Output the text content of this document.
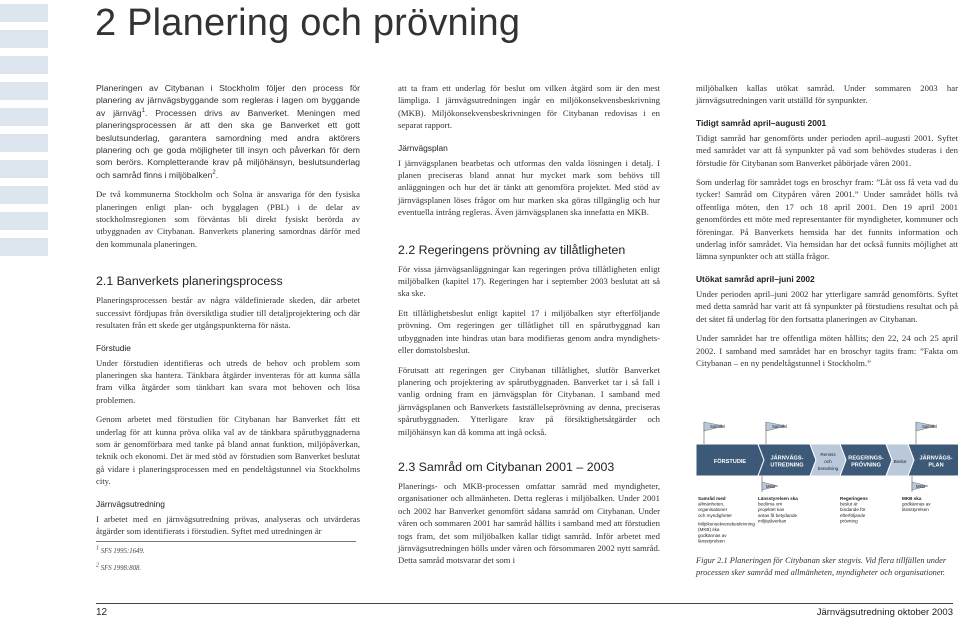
2 Planering och prövning

Planeringen av Citybanan i Stockholm följer den process för planering av järnvägsbyggande som regleras i lagen om byggande av järnväg$^1$. Processen drivs av Banverket. Meningen med planeringsprocessen är att den ska ge Banverket ett gott beslutsunderlag, garantera samordning med andra aktörers planering och ge goda möjligheter till insyn och påverkan för dem som berörs. Kompletterande krav på miljöhänsyn, beslutsunderlag och samråd finns i miljöbalken$^2$.

De två kommunerna Stockholm och Solna är ansvariga för den fysiska planeringen enligt plan- och bygglagen (PBL) i de delar av stockholmsregionen som förväntas bli direkt fysiskt berörda av utbyggnaden av Citybanan. Banverkets planering samordnas därför med den kommunala planeringen.

2.1 Banverkets planeringsprocess

Planeringsprocessen består av några väldefinierade skeden, där arbetet successivt fördjupas från översiktliga studier till detaljprojektering och där resultaten från ett skede ger utgångspunkterna för nästa.

Förstudie

Under förstudien identifieras och utreds de behov och problem som planeringen ska hantera. Tänkbara åtgärder inventeras för att kunna sålla fram vilka åtgärder som tänkbart kan svara mot behoven och lösa problemen.

Genom arbetet med förstudien för Citybanan har Banverket fått ett underlag för att kunna pröva olika val av de tänkbara spårutbyggnaderna som är genomförbara med tanke på bland annat funktion, miljöpåverkan, teknik och ekonomi. Det är med stöd av förstudien som Banverket beslutat gå vidare i planeringsprocessen med en pendeltågstunnel via Stockholms city.

Järnvägsutredning

I arbetet med en järnvägsutredning prövas, analyseras och utvärderas åtgärder som identifierats i förstudien. Syftet med utredningen är

$^1$ SFS 1995:1649.
$^2$ SFS 1998:808.

att ta fram ett underlag för beslut om vilken åtgärd som är den mest lämpliga. I järnvägsutredningen ingår en miljökonsekvensbeskrivning (MKB). Miljökonsekvensbeskrivningen för Citybanan redovisas i en separat rapport.

Järnvägsplan

I järnvägsplanen bearbetas och utformas den valda lösningen i detalj. I planen preciseras bland annat hur mycket mark som behövs till anläggningen och hur det är tänkt att genomföra projektet. Med stöd av järnvägsplanen löses frågor om hur marken ska göras tillgänglig och hur eventuella intrång regleras. Även järnvägsplanen ska innefatta en MKB.

2.2 Regeringens prövning av tillåtligheten

För vissa järnvägsanläggningar kan regeringen pröva tillåtligheten enligt miljöbalken (kapitel 17). Regeringen har i september 2003 beslutat att så ska ske.

Ett tillåtlighetsbeslut enligt kapitel 17 i miljöbalken styr efterföljande prövning. Om regeringen ger tillåtlighet till en spårutbyggnad kan utbyggnaden inte hindras utan bara modifieras genom andra myndighets- eller domstolsbeslut.

Förutsatt att regeringen ger Citybanan tillåtlighet, slutför Banverket planering och projektering av spårutbyggnaden. Banverket tar i så fall i vanlig ordning fram en järnvägsplan för Citybanan. I samband med järnvägsplanen och Banverkets fastställelseprövning av denna, preciseras spårutbyggnaden. Ytterligare krav på försiktighetsåtgärder och miljöhänsyn kan då komma att ingå också.

2.3 Samråd om Citybanan 2001 – 2003

Planerings- och MKB-processen omfattar samråd med myndigheter, organisationer och allmänheten. Detta regleras i miljöbalken. Under 2001 och 2002 har Banverket genomfört sådana samråd om Citybanan. Under våren och sommaren 2001 har samråd hållits i samband med att förstudien togs fram, det som miljöbalken kallar tidigt samråd. Inför arbetet med järnvägsutredningen hölls under våren och försommaren 2002 nytt samråd. Detta samråd motsvarar det som i

miljöbalken kallas utökat samråd. Under sommaren 2003 har järnvägsutredningen varit utställd för synpunkter.

Tidigt samråd april–augusti 2001

Tidigt samråd har genomförts under perioden april–augusti 2001. Syftet med samrådet var att få synpunkter på vad som behövdes studeras i den förstudie för Citybanan som Banverket påbörjade våren 2001.

Som underlag för samrådet togs en broschyr fram: ”Låt oss få veta vad du tycker! Samråd om Citypåren våren 2001.” Under samrådet hölls två offentliga möten, den 17 och 18 april 2001. Den 19 april 2001 genomfördes ett möte med representanter för myndigheter, kommuner och föreningar. På Banverkets hemsida har det funnits information och underlag inför samrådet. Via hemsidan har det också funnits möjlighet att lämna synpunkter och att ställa frågor.

Utökat samråd april–juni 2002

Under perioden april–juni 2002 har ytterligare samråd genomförts. Syftet med detta samråd har varit att få synpunkter på förstudiens resultat och på det sätet få underlag för den fortsatta planeringen av Citybanan.

Under samrådet har tre offentliga möten hållits; den 22, 24 och 25 april 2002. I samband med samrådet har en broschyr tagits fram: ”Fakta om Citybanan – en ny pendeltågstunnel i Stockholm.”

FÖRSTUDIE
Samråd
JÄRNVÄGS-
UTREDNING
Samråd
Remiss
och
beredning
REGERINGS-
PRÖVNING
Beslut JÄRNVÄGS-
PLAN
Samråd
MKB	MKB
Samråd med allmänheten, organisationer och myndigheter
Länsstyrelsen ska bedöma om projektet kan antas få betydande miljöpåverkan
Miljökonsekvensbeskrivning (MKB) ska godkännas av länsstyrelsen
Regeringens beslut är bindande för efterföljande prövning
MKB ska godkännas av länsstyrelsen
Figur 2.1 Planeringen för Citybanan sker stegvis. Vid flera tillfällen under processen sker samråd med allmänheten, myndigheter och organisationer.
12	Järnvägsutredning oktober 2003
